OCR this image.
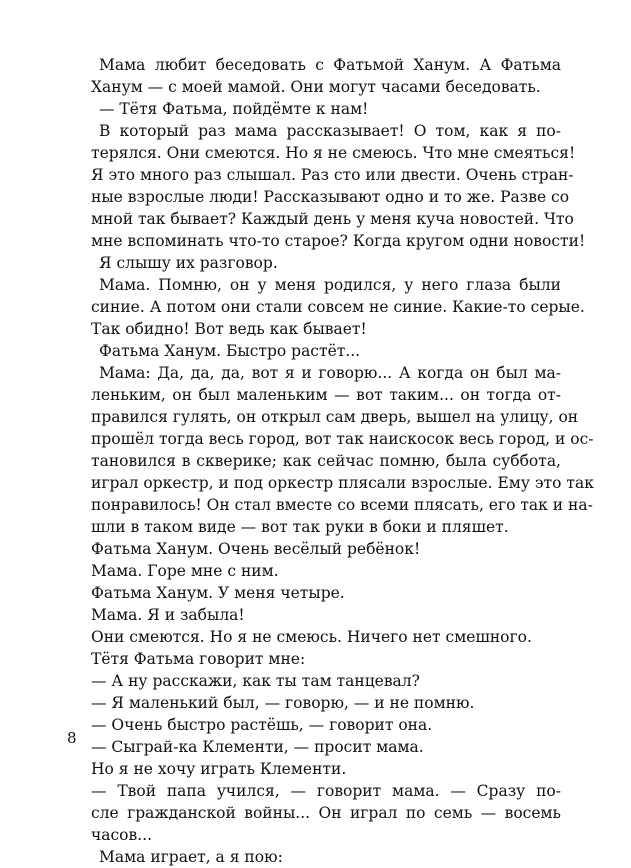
Мама любит беседовать с Фатьмой Ханум. А Фатьма
Ханум — с моей мамой. Они могут часами беседовать.
— Тётя Фатьма, пойдёмте к нам!
В который раз мама рассказывает! О том, как я по-
терялся. Они смеются. Но я не смеюсь. Что мне смеяться!
Я это много раз слышал. Раз сто или двести. Очень стран-
ные взрослые люди! Рассказывают одно и то же. Разве со
мной так бывает? Каждый день у меня куча новостей. Что
мне вспоминать что-то старое? Когда кругом одни новости!
Я слышу их разговор.
Мама. Помню, он у меня родился, у него глаза были
синие. А потом они стали совсем не синие. Какие-то серые.
Так обидно! Вот ведь как бывает!
Фатьма Ханум. Быстро растёт...
Мама: Да, да, да, вот я и говорю... А когда он был ма-
леньким, он был маленьким — вот таким... он тогда от-
правился гулять, он открыл сам дверь, вышел на улицу, он
прошёл тогда весь город, вот так наискосок весь город, и ос-
тановился в скверике; как сейчас помню, была суббота,
играл оркестр, и под оркестр плясали взрослые. Ему это так
понравилось! Он стал вместе со всеми плясать, его так и на-
шли в таком виде — вот так руки в боки и пляшет.
Фатьма Ханум. Очень весёлый ребёнок!
Мама. Горе мне с ним.
Фатьма Ханум. У меня четыре.
Мама. Я и забыла!
Они смеются. Но я не смеюсь. Ничего нет смешного.
Тётя Фатьма говорит мне:
— А ну расскажи, как ты там танцевал?
— Я маленький был, — говорю, — и не помню.
— Очень быстро растёшь, — говорит она.
— Сыграй-ка Клементи, — просит мама.
Но я не хочу играть Клементи.
— Твой папа учился, — говорит мама. — Сразу по-
сле гражданской войны... Он играл по семь — восемь
часов...
Мама играет, а я пою:
8
